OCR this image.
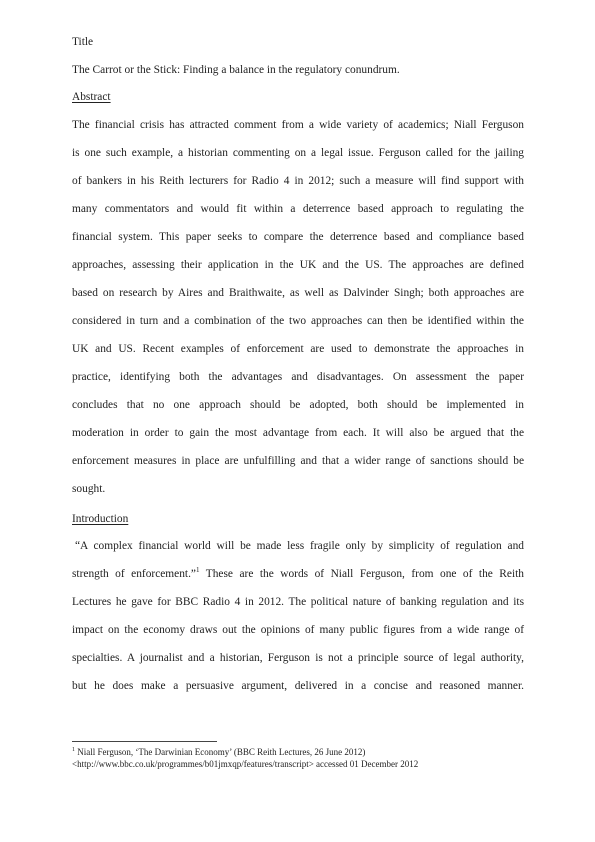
Title
The Carrot or the Stick: Finding a balance in the regulatory conundrum.
Abstract
The financial crisis has attracted comment from a wide variety of academics; Niall Ferguson
is one such example, a historian commenting on a legal issue. Ferguson called for the jailing
of bankers in his Reith lecturers for Radio 4 in 2012; such a measure will find support with
many commentators and would fit within a deterrence based approach to regulating the
financial system. This paper seeks to compare the deterrence based and compliance based
approaches, assessing their application in the UK and the US. The approaches are defined
based on research by Aires and Braithwaite, as well as Dalvinder Singh; both approaches are
considered in turn and a combination of the two approaches can then be identified within the
UK and US. Recent examples of enforcement are used to demonstrate the approaches in
practice, identifying both the advantages and disadvantages. On assessment the paper
concludes that no one approach should be adopted, both should be implemented in
moderation in order to gain the most advantage from each. It will also be argued that the
enforcement measures in place are unfulfilling and that a wider range of sanctions should be
sought.
Introduction
“A complex financial world will be made less fragile only by simplicity of regulation and
strength of enforcement.”$^1$ These are the words of Niall Ferguson, from one of the Reith
Lectures he gave for BBC Radio 4 in 2012. The political nature of banking regulation and its
impact on the economy draws out the opinions of many public figures from a wide range of
specialties. A journalist and a historian, Ferguson is not a principle source of legal authority,
but he does make a persuasive argument, delivered in a concise and reasoned manner.
$^1$ Niall Ferguson, ‘The Darwinian Economy’ (BBC Reith Lectures, 26 June 2012)
<http://www.bbc.co.uk/programmes/b01jmxqp/features/transcript> accessed 01 December 2012
